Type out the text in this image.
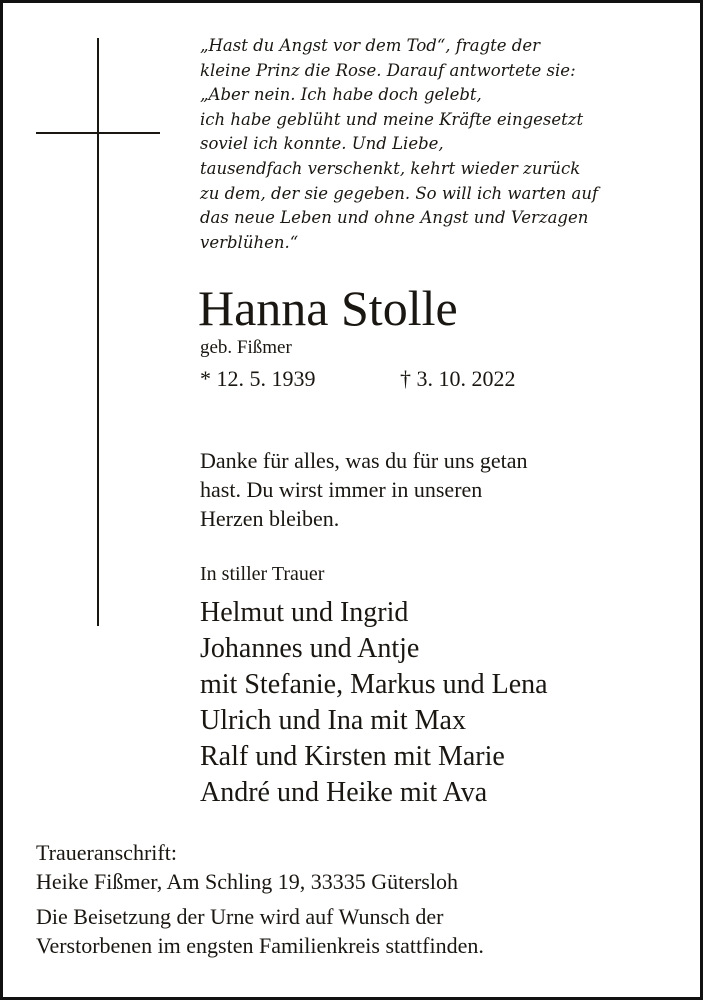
„Hast du Angst vor dem Tod“, fragte der
kleine Prinz die Rose. Darauf antwortete sie:
„Aber nein. Ich habe doch gelebt,
ich habe geblüht und meine Kräfte eingesetzt
soviel ich konnte. Und Liebe,
tausendfach verschenkt, kehrt wieder zurück
zu dem, der sie gegeben. So will ich warten auf
das neue Leben und ohne Angst und Verzagen
verblühen.“
Hanna Stolle
geb. Fißmer
* 12. 5. 1939	† 3. 10. 2022
Danke für alles, was du für uns getan
hast. Du wirst immer in unseren
Herzen bleiben.
In stiller Trauer
Helmut und Ingrid
Johannes und Antje
mit Stefanie, Markus und Lena
Ulrich und Ina mit Max
Ralf und Kirsten mit Marie
André und Heike mit Ava
Traueranschrift:
Heike Fißmer, Am Schling 19, 33335 Gütersloh
Die Beisetzung der Urne wird auf Wunsch der
Verstorbenen im engsten Familienkreis stattfinden.
